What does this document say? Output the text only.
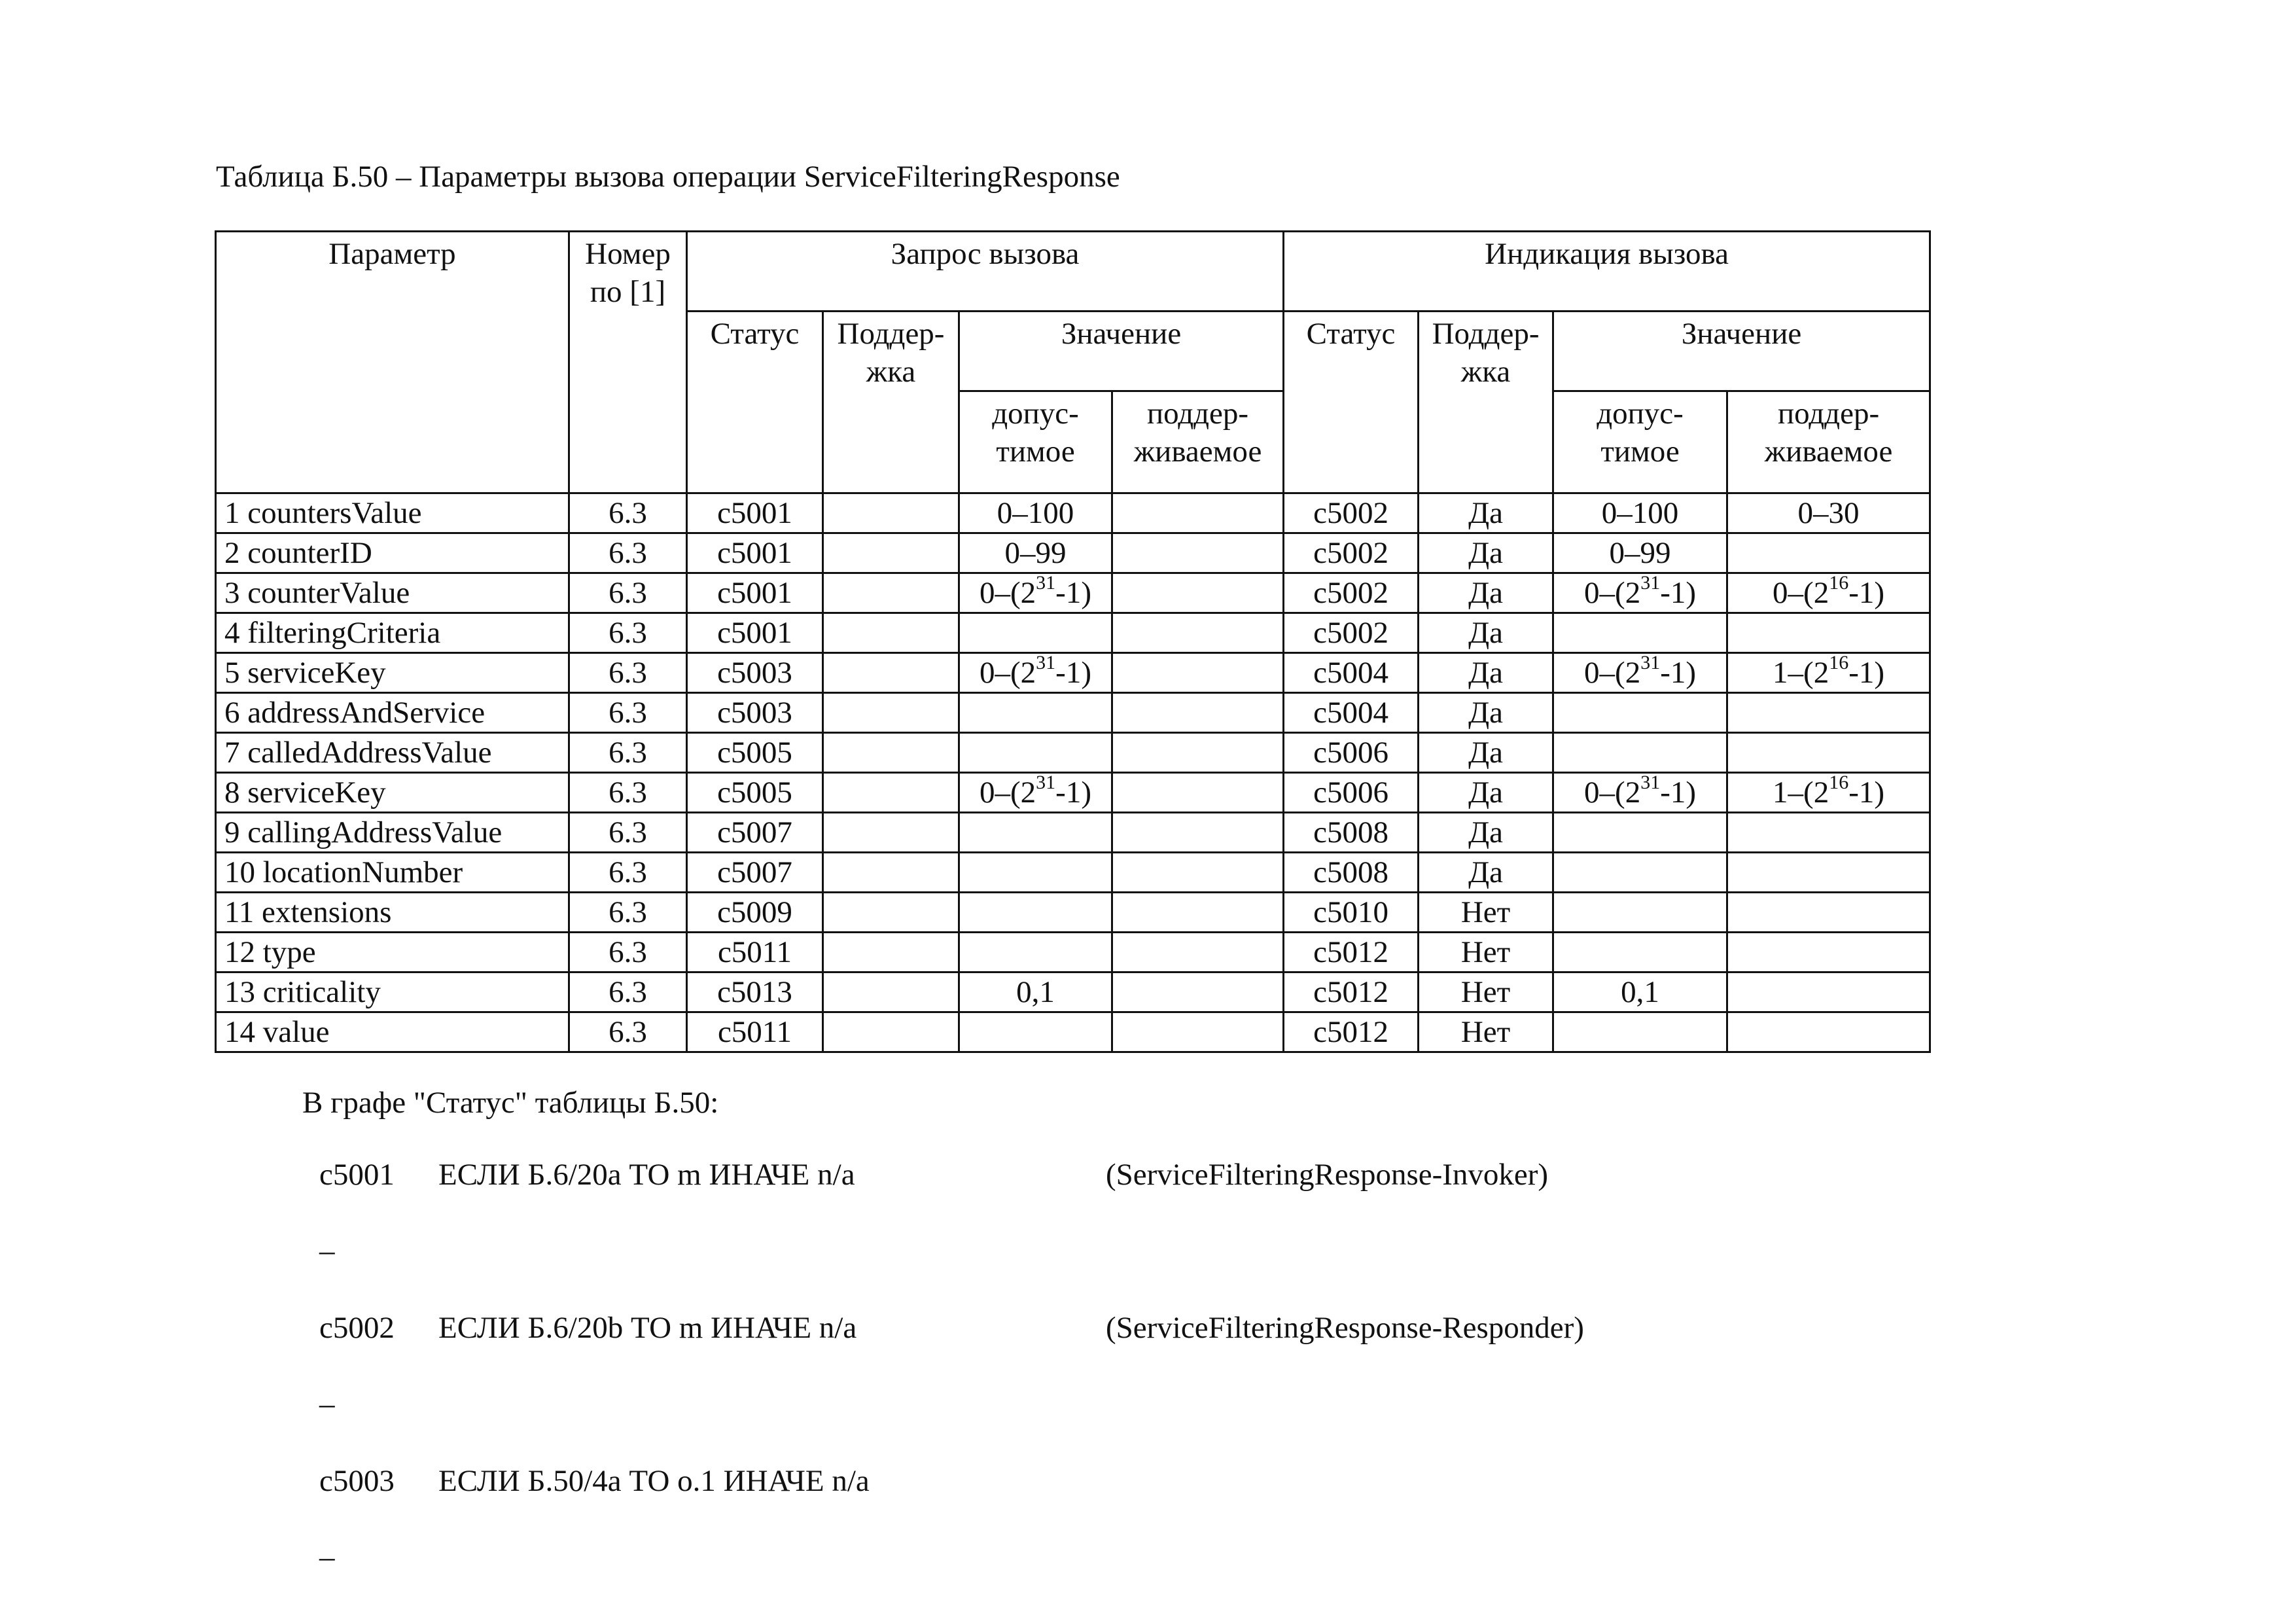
Таблица Б.50 – Параметры вызова операции ServiceFilteringResponse
Параметр	Номер по [1]	Запрос вызова				Индикация вызова			
		Статус	Поддер-жка	Значение		Статус	Поддер-жка	Значение	
				допус-тимое	поддер-живаемое			допус-тимое	поддер-живаемое
1 countersValue	6.3	c5001		0–100		c5002	Да	0–100	0–30
2 counterID	6.3	c5001		0–99		c5002	Да	0–99	
3 counterValue	6.3	c5001		$0-(2^{31}-1)$		c5002	Да	$0-(2^{31}-1)$	$0-(2^{16}-1)$
4 filteringCriteria	6.3	c5001				c5002	Да		
5 serviceKey	6.3	c5003		$0-(2^{31}-1)$		c5004	Да	$0-(2^{31}-1)$	$1-(2^{16}-1)$
6 addressAndService	6.3	c5003				c5004	Да		
7 calledAddressValue	6.3	c5005				c5006	Да		
8 serviceKey	6.3	c5005		$0-(2^{31}-1)$		c5006	Да	$0-(2^{31}-1)$	$1-(2^{16}-1)$
9 callingAddressValue	6.3	c5007				c5008	Да		
10 locationNumber	6.3	c5007				c5008	Да		
11 extensions	6.3	c5009				c5010	Нет		
12 type	6.3	c5011				c5012	Нет		
13 criticality	6.3	c5013		0,1		c5012	Нет	0,1	
14 value	6.3	c5011				c5012	Нет		
В графе "Статус" таблицы Б.50:
c5001 ЕСЛИ Б.6/20a ТО m ИНАЧЕ n/a	(ServiceFilteringResponse-Invoker)
–
c5002 ЕСЛИ Б.6/20b ТО m ИНАЧЕ n/a	(ServiceFilteringResponse-Responder)
–
c5003 ЕСЛИ Б.50/4a ТО o.1 ИНАЧЕ n/a
–
